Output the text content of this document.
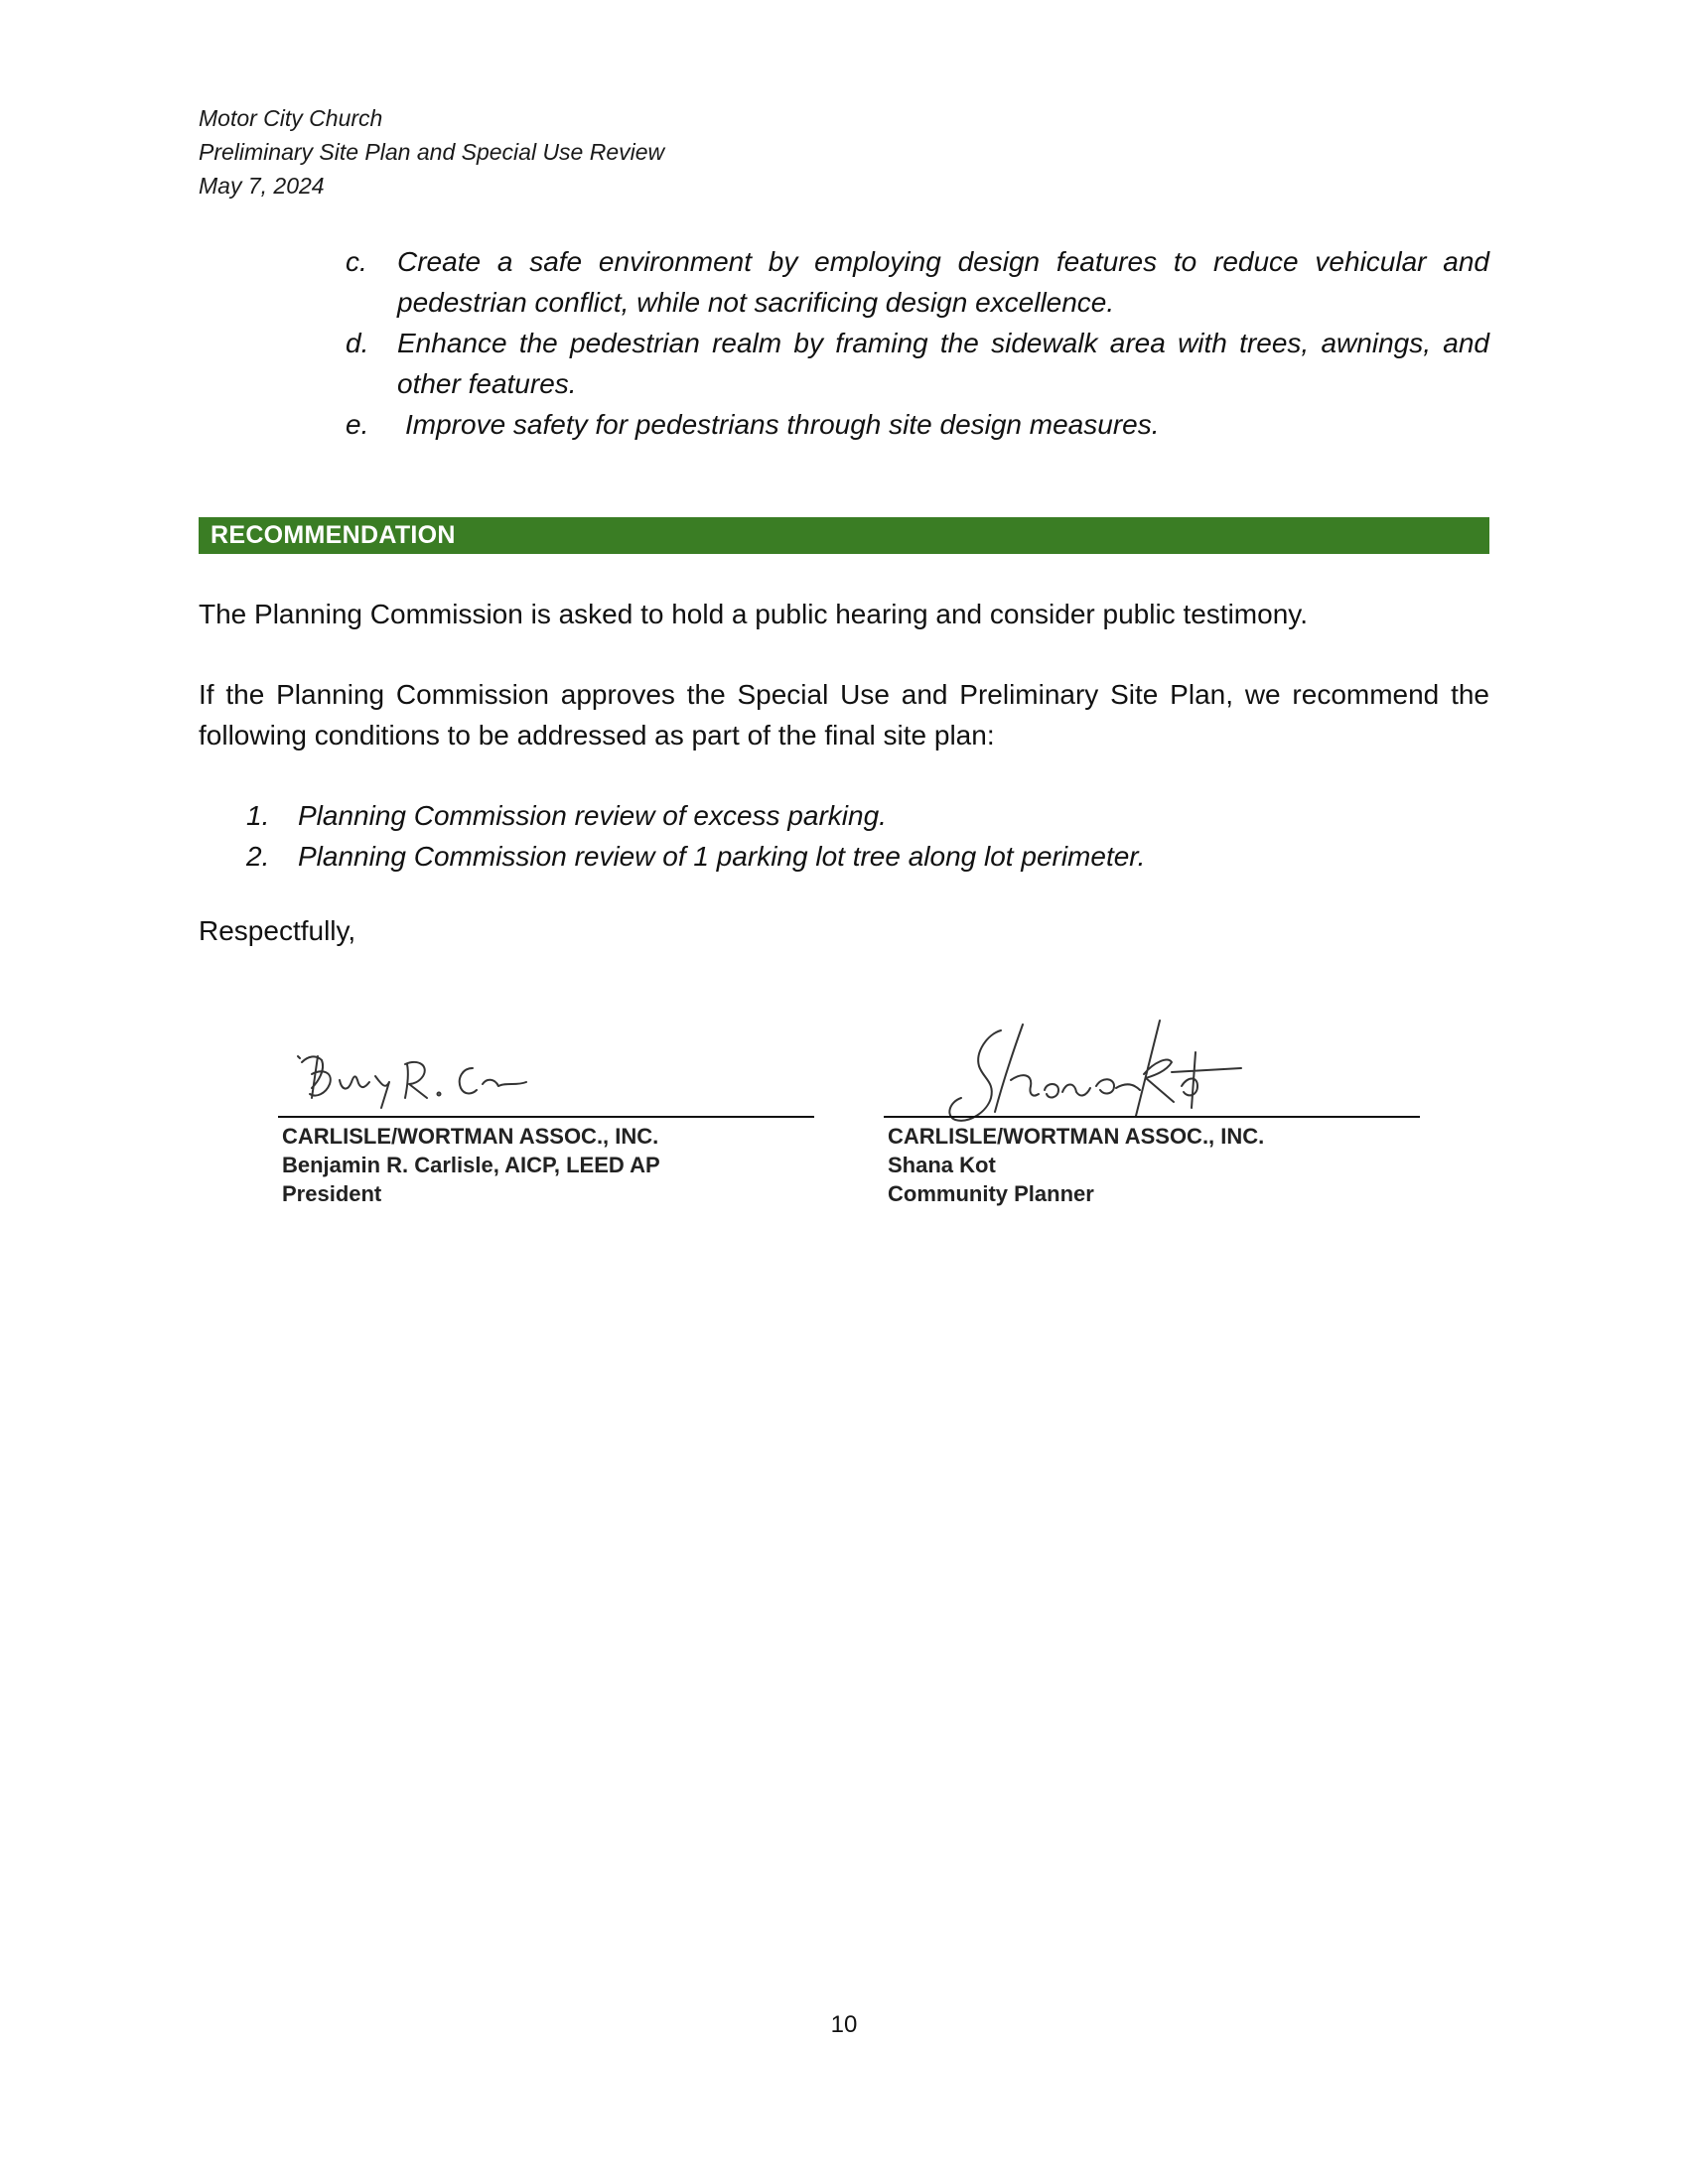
Motor City Church
Preliminary Site Plan and Special Use Review
May 7, 2024
c.	Create a safe environment by employing design features to reduce vehicular and pedestrian conflict, while not sacrificing design excellence.
d.	Enhance the pedestrian realm by framing the sidewalk area with trees, awnings, and other features.
e.	Improve safety for pedestrians through site design measures.
RECOMMENDATION
The Planning Commission is asked to hold a public hearing and consider public testimony.
If the Planning Commission approves the Special Use and Preliminary Site Plan, we recommend the following conditions to be addressed as part of the final site plan:
1.	Planning Commission review of excess parking.
2.	Planning Commission review of 1 parking lot tree along lot perimeter.
Respectfully,
CARLISLE/WORTMAN ASSOC., INC.
Benjamin R. Carlisle, AICP, LEED AP
President
CARLISLE/WORTMAN ASSOC., INC.
Shana Kot
Community Planner
10
